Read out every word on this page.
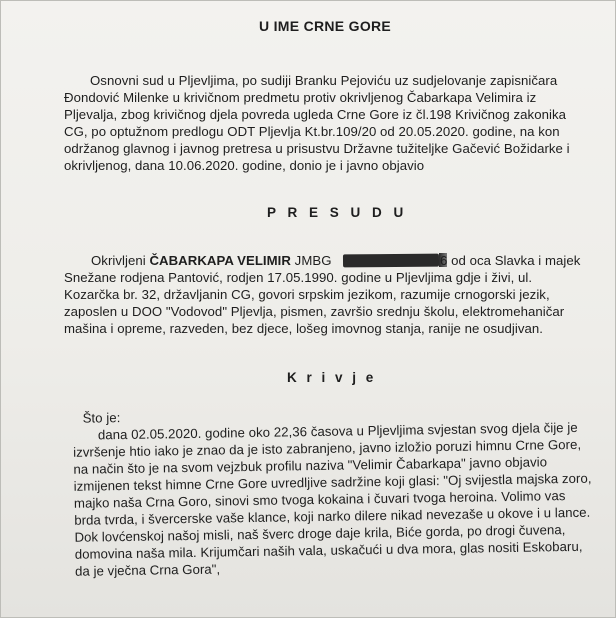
U IME CRNE GORE
Osnovni sud u Pljevljima, po sudiji Branku Pejoviću uz sudjelovanje zapisničara
Đondović Milenke u krivičnom predmetu protiv okrivljenog Čabarkapa Velimira iz
Pljevalja, zbog krivičnog djela povreda ugleda Crne Gore iz čl.198 Krivičnog zakonika
CG, po optužnom predlogu ODT Pljevlja Kt.br.109/20 od 20.05.2020. godine, na kon
održanog glavnog i javnog pretresa u prisustvu Državne tužiteljke Gačević Božidarke i
okrivljenog, dana 10.06.2020. godine, donio je i javno objavio
P R E S U D U
Okrivljeni ČABARKAPA VELIMIR JMBG	6 od oca Slavka i majek
Snežane rodjena Pantović, rodjen 17.05.1990. godine u Pljevljima gdje i živi, ul.
Kozarčka br. 32, državljanin CG, govori srpskim jezikom, razumije crnogorski jezik,
zaposlen u DOO "Vodovod" Pljevlja, pismen, završio srednju školu, elektromehaničar
mašina i opreme, razveden, bez djece, lošeg imovnog stanja, ranije ne osudjivan.
K r i v j e
Što je:
dana 02.05.2020. godine oko 22,36 časova u Pljevljima svjestan svog djela čije je
izvršenje htio iako je znao da je isto zabranjeno, javno izložio poruzi himnu Crne Gore,
na način što je na svom vejzbuk profilu naziva "Velimir Čabarkapa" javno objavio
izmijenen tekst himne Crne Gore uvredljive sadržine koji glasi: "Oj svijestla majska zoro,
majko naša Crna Goro, sinovi smo tvoga kokaina i čuvari tvoga heroina. Volimo vas
brda tvrda, i švercerske vaše klance, koji narko dilere nikad nevezaše u okove i u lance.
Dok lovćenskoj našoj misli, naš šverc droge daje krila, Biće gorda, po drogi čuvena,
domovina naša mila. Krijumčari naših vala, uskačući u dva mora, glas nositi Eskobaru,
da je vječna Crna Gora",
